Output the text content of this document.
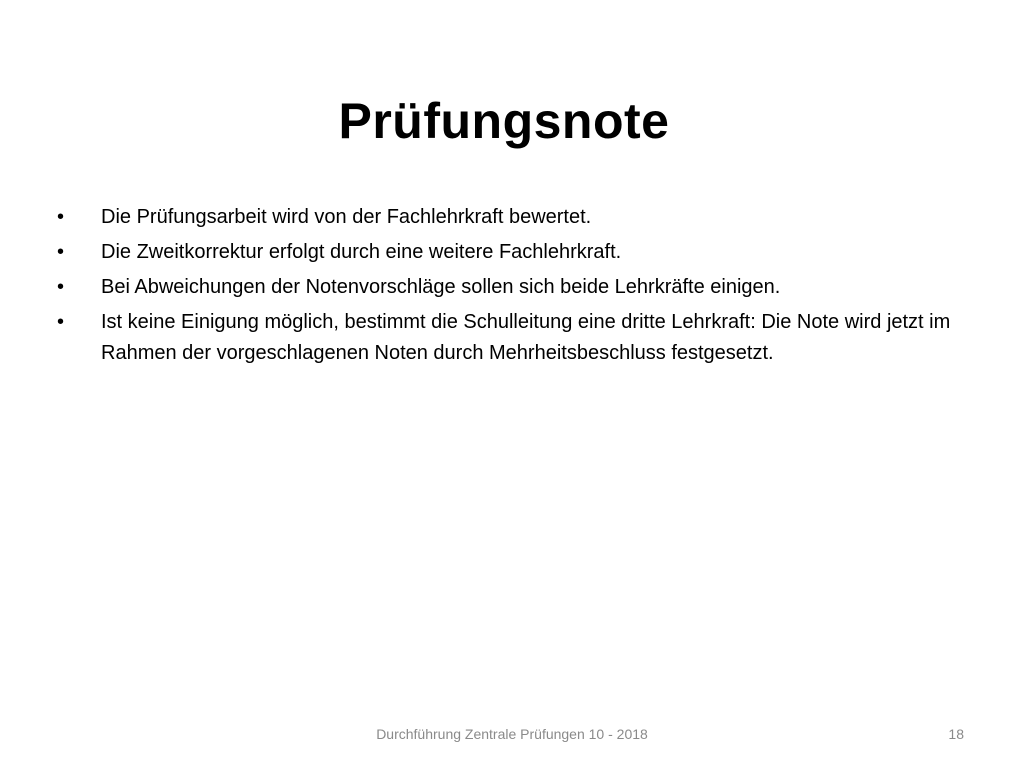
Prüfungsnote
• Die Prüfungsarbeit wird von der Fachlehrkraft bewertet.
• Die Zweitkorrektur erfolgt durch eine weitere Fachlehrkraft.
• Bei Abweichungen der Notenvorschläge sollen sich beide Lehrkräfte einigen.
• Ist keine Einigung möglich, bestimmt die Schulleitung eine dritte Lehrkraft: Die Note wird jetzt im Rahmen der vorgeschlagenen Noten durch Mehrheitsbeschluss festgesetzt.
Durchführung Zentrale Prüfungen 10 - 2018	18
